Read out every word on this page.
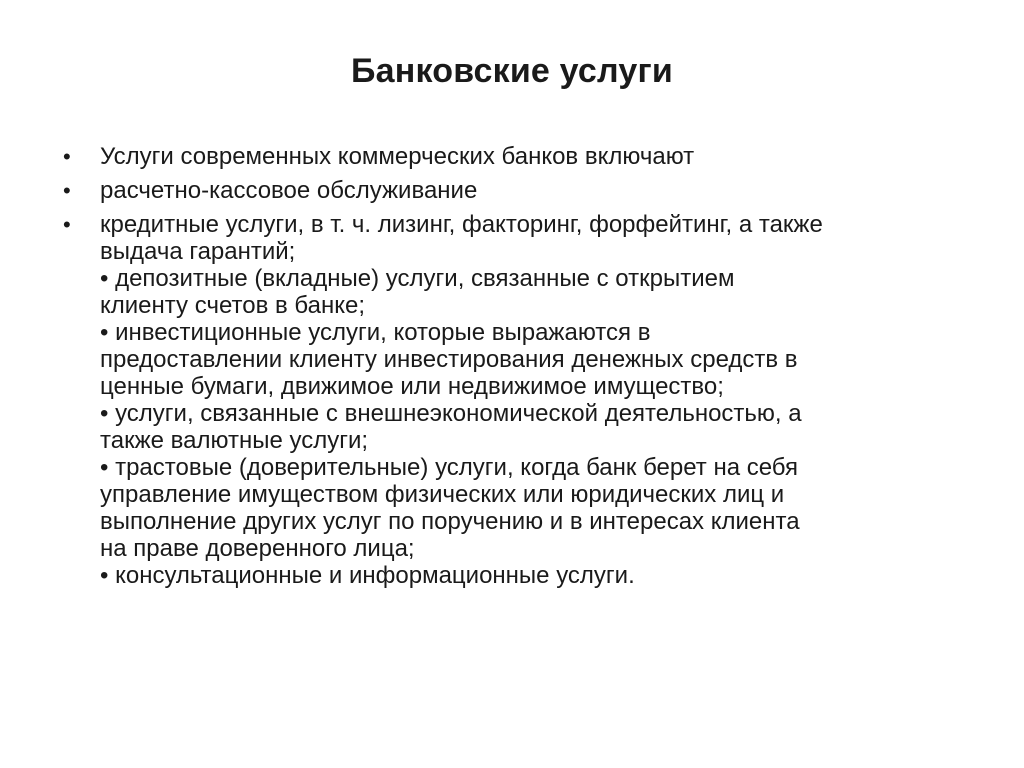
Банковские услуги
• Услуги современных коммерческих банков включают
• расчетно-кассовое обслуживание
• кредитные услуги, в т. ч. лизинг, факторинг, форфейтинг, а также
выдача гарантий;
• депозитные (вкладные) услуги, связанные с открытием
клиенту счетов в банке;
• инвестиционные услуги, которые выражаются в
предоставлении клиенту инвестирования денежных средств в
ценные бумаги, движимое или недвижимое имущество;
• услуги, связанные с внешнеэкономической деятельностью, а
также валютные услуги;
• трастовые (доверительные) услуги, когда банк берет на себя
управление имуществом физических или юридических лиц и
выполнение других услуг по поручению и в интересах клиента
на праве доверенного лица;
• консультационные и информационные услуги.
